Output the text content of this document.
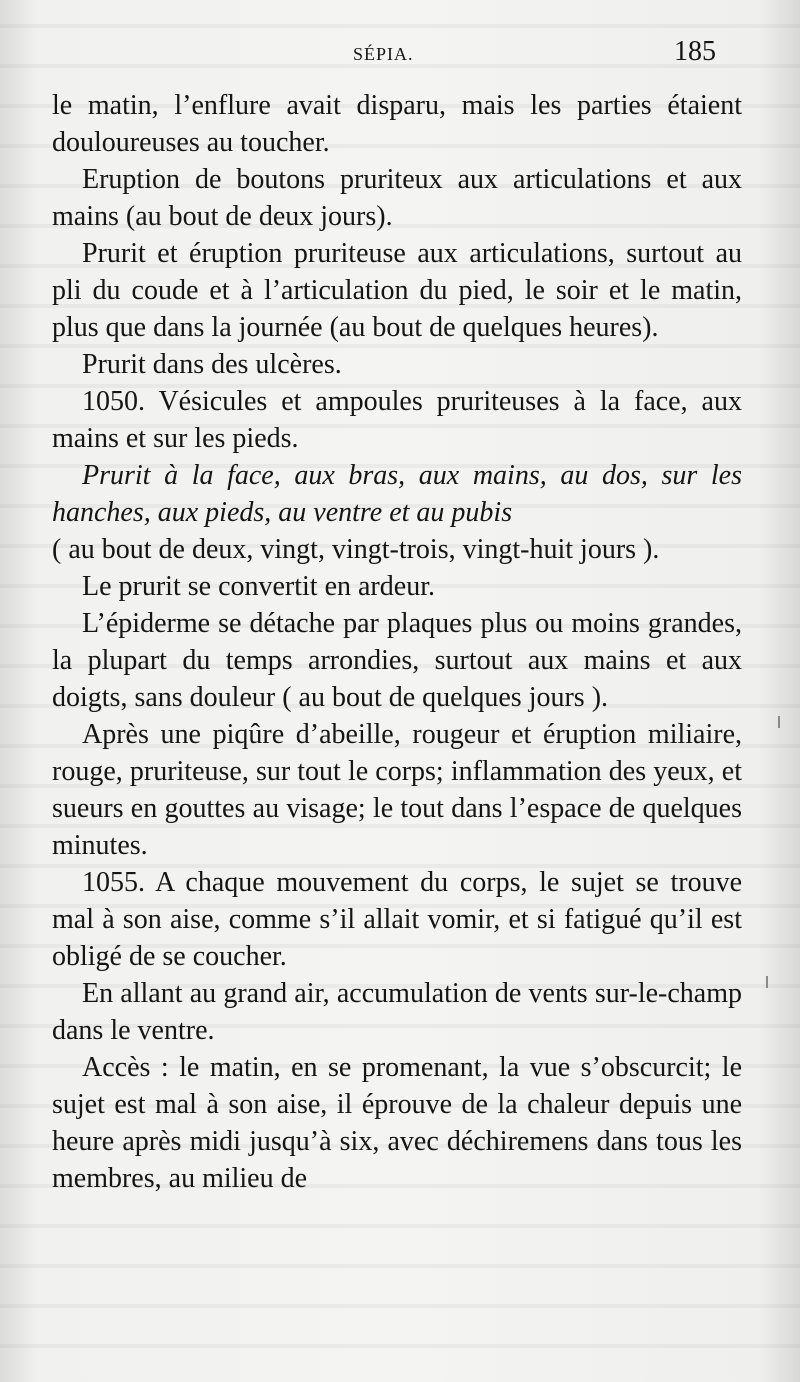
SÉPIA.	185

le matin, l’enflure avait disparu, mais les parties étaient douloureuses au toucher.

Eruption de boutons pruriteux aux articulations et aux mains (au bout de deux jours).

Prurit et éruption pruriteuse aux articulations, surtout au pli du coude et à l’articulation du pied, le soir et le matin, plus que dans la journée (au bout de quelques heures).

Prurit dans des ulcères.

1050. Vésicules et ampoules pruriteuses à la face, aux mains et sur les pieds.

Prurit à la face, aux bras, aux mains, au dos, sur les hanches, aux pieds, au ventre et au pubis

( au bout de deux, vingt, vingt-trois, vingt-huit jours ).

Le prurit se convertit en ardeur.

L’épiderme se détache par plaques plus ou moins grandes, la plupart du temps arrondies, surtout aux mains et aux doigts, sans douleur ( au bout de quelques jours ).

Après une piqûre d’abeille, rougeur et éruption miliaire, rouge, pruriteuse, sur tout le corps; inflammation des yeux, et sueurs en gouttes au visage; le tout dans l’espace de quelques minutes.

1055. A chaque mouvement du corps, le sujet se trouve mal à son aise, comme s’il allait vomir, et si fatigué qu’il est obligé de se coucher.

En allant au grand air, accumulation de vents sur-le-champ dans le ventre.

Accès : le matin, en se promenant, la vue s’obscurcit; le sujet est mal à son aise, il éprouve de la chaleur depuis une heure après midi jusqu’à six, avec déchiremens dans tous les membres, au milieu de
